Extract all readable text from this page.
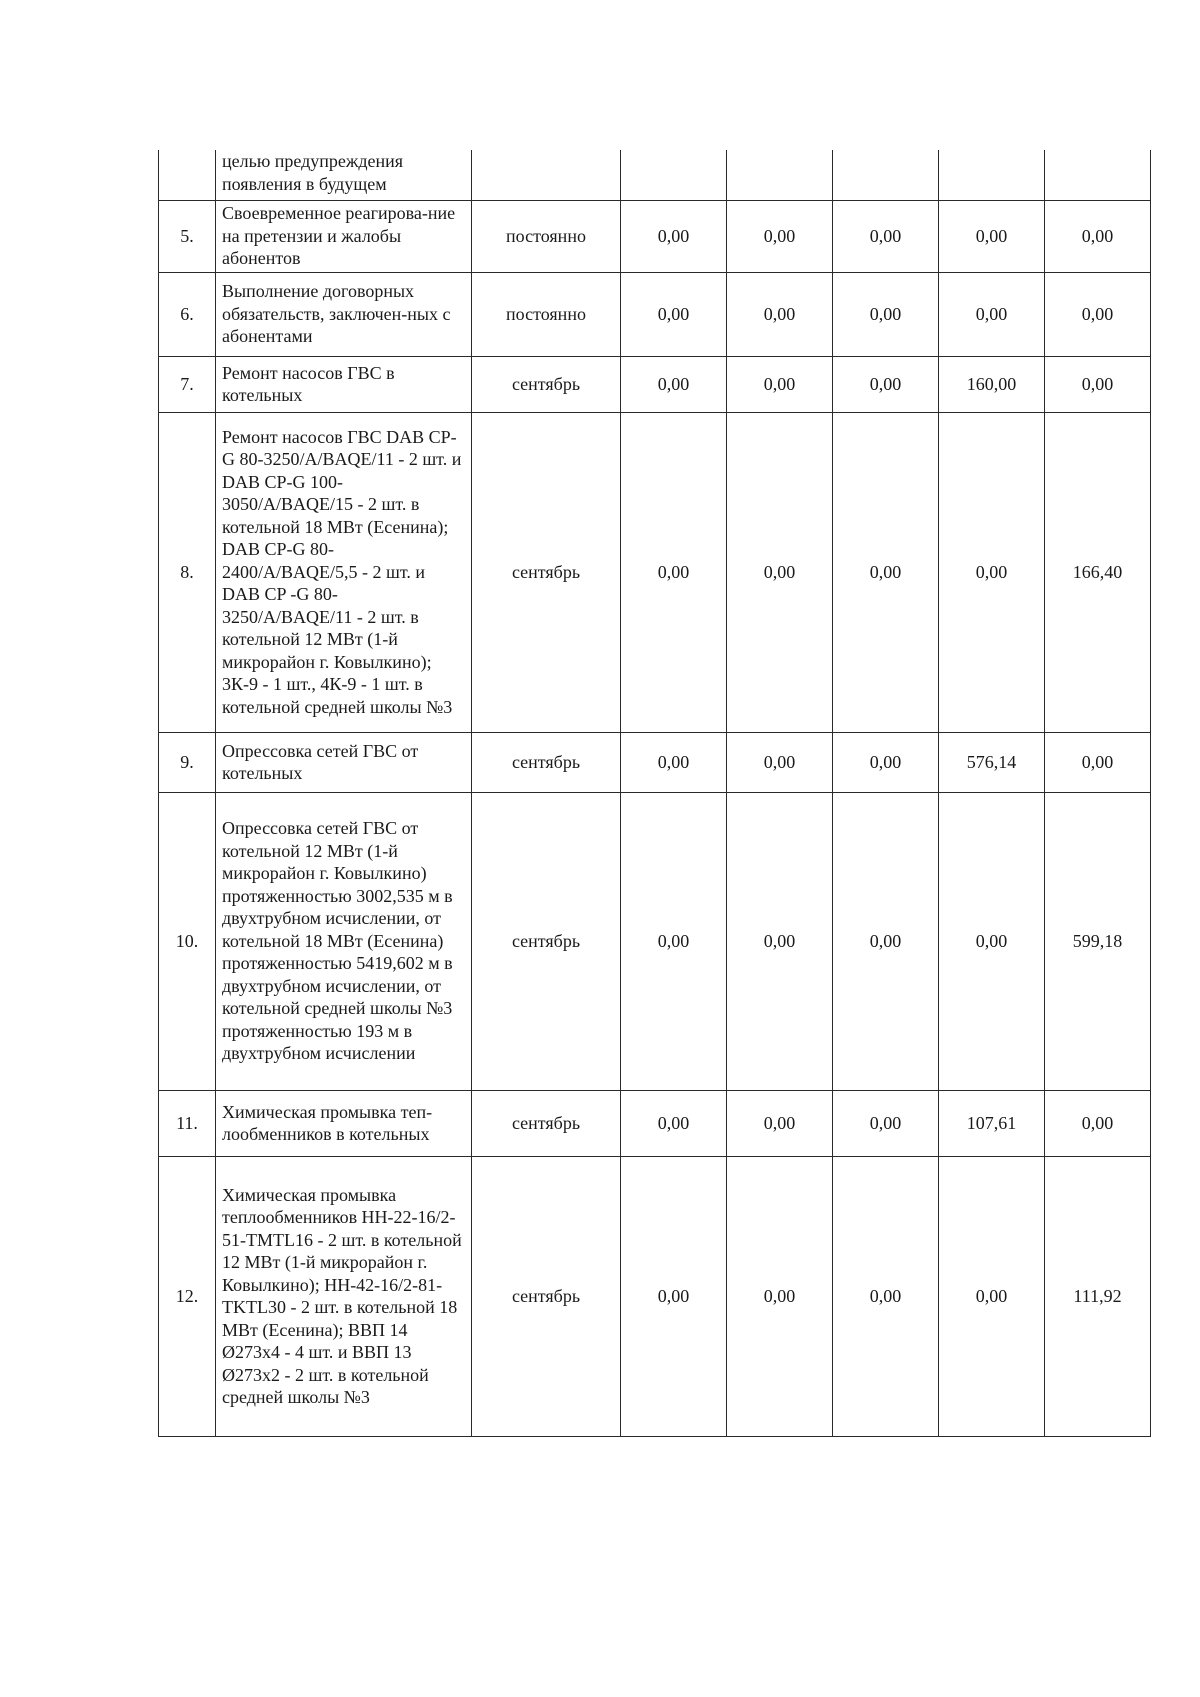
	целью предупреждения появления в будущем						
5.	Своевременное реагирова-ние на претензии и жалобы абонентов	постоянно	0,00	0,00	0,00	0,00	0,00
6.	Выполнение договорных обязательств, заключен-ных с абонентами	постоянно	0,00	0,00	0,00	0,00	0,00
7.	Ремонт насосов ГВС в котельных	сентябрь	0,00	0,00	0,00	160,00	0,00
8.	Ремонт насосов ГВС DAB CP-G 80-3250/A/BAQE/11 - 2 шт. и DAB CP-G 100-3050/A/BAQE/15 - 2 шт. в котельной 18 МВт (Есенина); DAB CP-G 80-2400/A/BAQE/5,5 - 2 шт. и DAB CP -G 80-3250/A/BAQE/11 - 2 шт. в котельной 12 МВт (1-й микрорайон г. Ковылкино); 3К-9 - 1 шт., 4К-9 - 1 шт. в котельной средней школы №3	сентябрь	0,00	0,00	0,00	0,00	166,40
9.	Опрессовка сетей ГВС от котельных	сентябрь	0,00	0,00	0,00	576,14	0,00
10.	Опрессовка сетей ГВС от котельной 12 МВт (1-й микрорайон г. Ковылкино) протяженностью 3002,535 м в двухтрубном исчислении, от котельной 18 МВт (Есенина) протяженностью 5419,602 м в двухтрубном исчислении, от котельной средней школы №3 протяженностью 193 м в двухтрубном исчислении	сентябрь	0,00	0,00	0,00	0,00	599,18
11.	Химическая промывка теп-лообменников в котельных	сентябрь	0,00	0,00	0,00	107,61	0,00
12.	Химическая промывка теплообменников НН-22-16/2-51-TMTL16 - 2 шт. в котельной 12 МВт (1-й микрорайон г. Ковылкино); НН-42-16/2-81-TKTL30 - 2 шт. в котельной 18 МВт (Есенина); ВВП 14 Ø273х4 - 4 шт. и ВВП 13 Ø273х2 - 2 шт. в котельной средней школы №3	сентябрь	0,00	0,00	0,00	0,00	111,92
